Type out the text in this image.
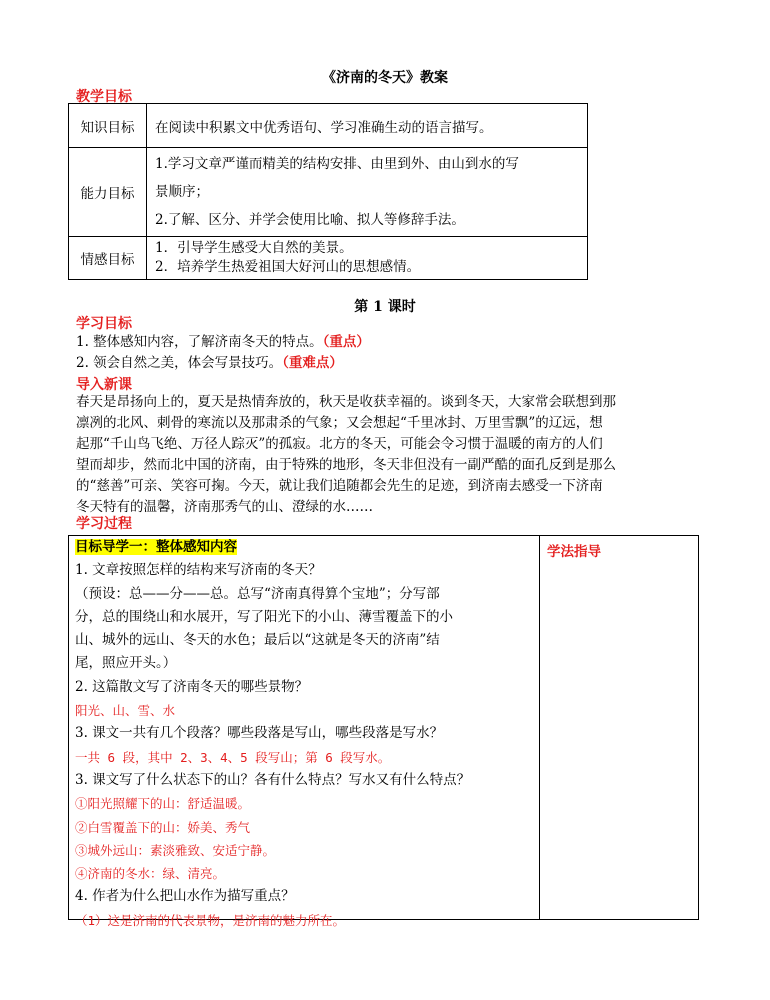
《济南的冬天》教案
教学目标
知识目标	在阅读中积累文中优秀语句、学习准确生动的语言描写。

能力目标	1.学习文章严谨而精美的结构安排、由里到外、由山到水的写
景顺序；
2.了解、区分、并学会使用比喻、拟人等修辞手法。

情感目标	1．引导学生感受大自然的美景。
2．培养学生热爱祖国大好河山的思想感情。
第 1 课时
学习目标
1. 整体感知内容，了解济南冬天的特点。（重点）
2. 领会自然之美，体会写景技巧。（重难点）
导入新课
春天是昂扬向上的，夏天是热情奔放的，秋天是收获幸福的。谈到冬天，大家常会联想到那
凛冽的北风、刺骨的寒流以及那肃杀的气象；又会想起“千里冰封、万里雪飘”的辽远，想
起那“千山鸟飞绝、万径人踪灭”的孤寂。北方的冬天，可能会令习惯于温暖的南方的人们
望而却步，然而北中国的济南，由于特殊的地形，冬天非但没有一副严酷的面孔反到是那么
的“慈善”可亲、笑容可掬。今天，就让我们追随都会先生的足迹，到济南去感受一下济南
冬天特有的温馨，济南那秀气的山、澄绿的水……
学习过程
目标导学一：整体感知内容
1. 文章按照怎样的结构来写济南的冬天？
（预设：总——分——总。总写“济南真得算个宝地”；分写部
分，总的围绕山和水展开，写了阳光下的小山、薄雪覆盖下的小
山、城外的远山、冬天的水色；最后以“这就是冬天的济南”结
尾，照应开头。）
2. 这篇散文写了济南冬天的哪些景物？
阳光、山、雪、水
3. 课文一共有几个段落？哪些段落是写山，哪些段落是写水？
一共 6 段，其中 2、3、4、5 段写山；第 6 段写水。
3. 课文写了什么状态下的山？各有什么特点？写水又有什么特点？
①阳光照耀下的山：舒适温暖。
②白雪覆盖下的山：娇美、秀气
③城外远山：素淡雅致、安适宁静。
④济南的冬水：绿、清亮。
4. 作者为什么把山水作为描写重点？
（1）这是济南的代表景物，是济南的魅力所在。
学法指导
